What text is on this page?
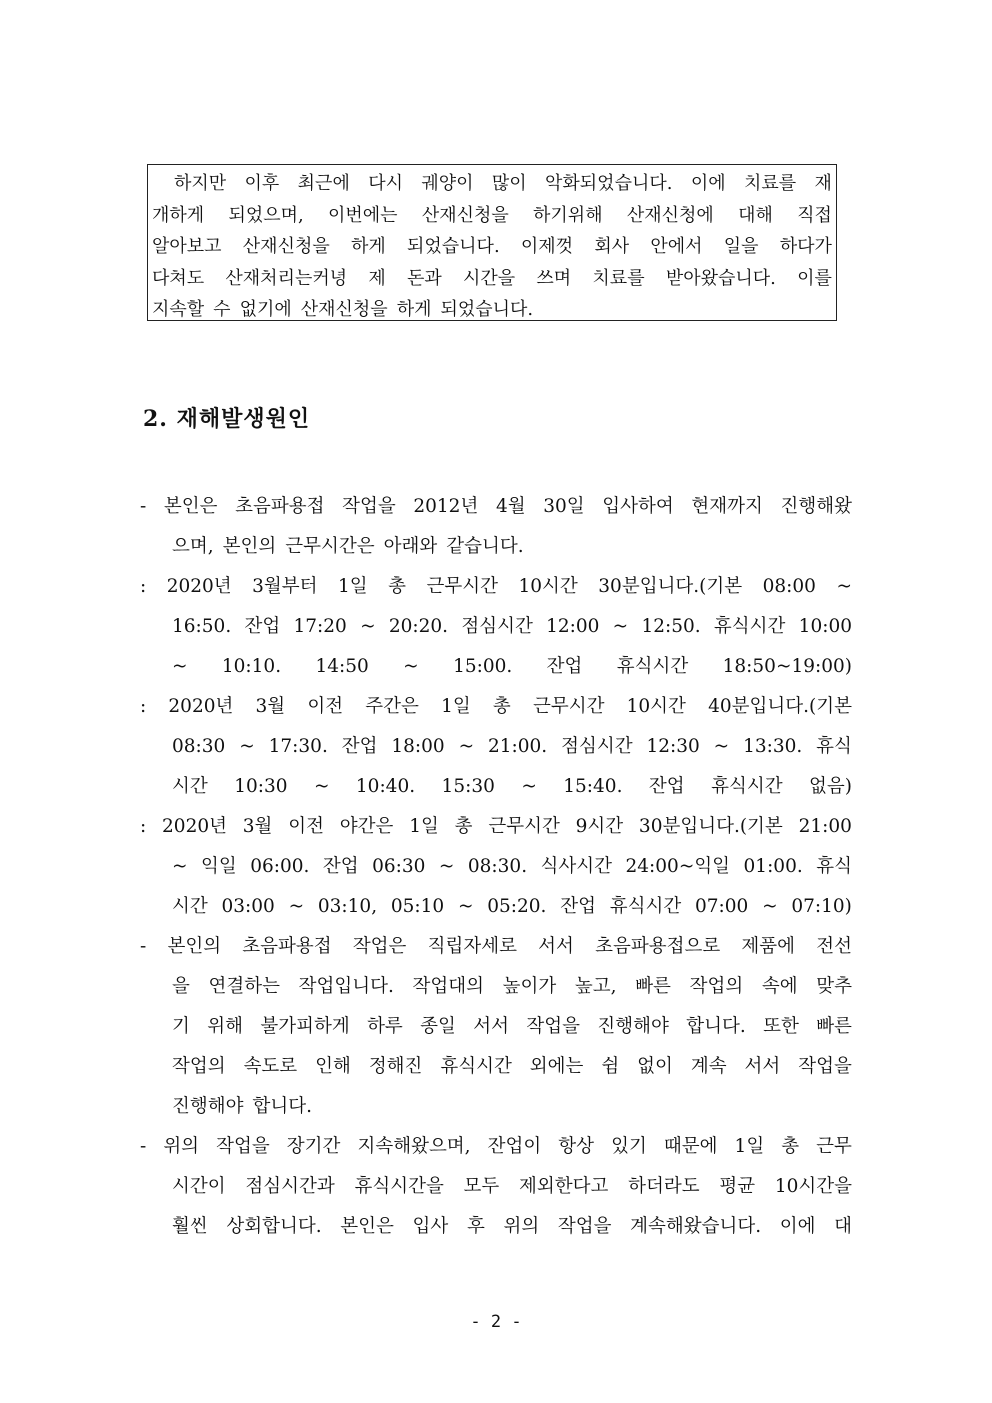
하지만 이후 최근에 다시 궤양이 많이 악화되었습니다. 이에 치료를 재
개하게 되었으며, 이번에는 산재신청을 하기위해 산재신청에 대해 직접
알아보고 산재신청을 하게 되었습니다. 이제껏 회사 안에서 일을 하다가
다쳐도 산재처리는커녕 제 돈과 시간을 쓰며 치료를 받아왔습니다. 이를
지속할 수 없기에 산재신청을 하게 되었습니다.
2. 재해발생원인
- 본인은 초음파용접 작업을 2012년 4월 30일 입사하여 현재까지 진행해왔
으며, 본인의 근무시간은 아래와 같습니다.
: 2020년 3월부터 1일 총 근무시간 10시간 30분입니다.(기본 08:00 ~
16:50. 잔업 17:20 ~ 20:20. 점심시간 12:00 ~ 12:50. 휴식시간 10:00
~ 10:10. 14:50 ~ 15:00. 잔업 휴식시간 18:50~19:00)
: 2020년 3월 이전 주간은 1일 총 근무시간 10시간 40분입니다.(기본
08:30 ~ 17:30. 잔업 18:00 ~ 21:00. 점심시간 12:30 ~ 13:30. 휴식
시간 10:30 ~ 10:40. 15:30 ~ 15:40. 잔업 휴식시간 없음)
: 2020년 3월 이전 야간은 1일 총 근무시간 9시간 30분입니다.(기본 21:00
~ 익일 06:00. 잔업 06:30 ~ 08:30. 식사시간 24:00~익일 01:00. 휴식
시간 03:00 ~ 03:10, 05:10 ~ 05:20. 잔업 휴식시간 07:00 ~ 07:10)
- 본인의 초음파용접 작업은 직립자세로 서서 초음파용접으로 제품에 전선
을 연결하는 작업입니다. 작업대의 높이가 높고, 빠른 작업의 속에 맞추
기 위해 불가피하게 하루 종일 서서 작업을 진행해야 합니다. 또한 빠른
작업의 속도로 인해 정해진 휴식시간 외에는 쉼 없이 계속 서서 작업을
진행해야 합니다.
- 위의 작업을 장기간 지속해왔으며, 잔업이 항상 있기 때문에 1일 총 근무
시간이 점심시간과 휴식시간을 모두 제외한다고 하더라도 평균 10시간을
훨씬 상회합니다. 본인은 입사 후 위의 작업을 계속해왔습니다. 이에 대
- 2 -
